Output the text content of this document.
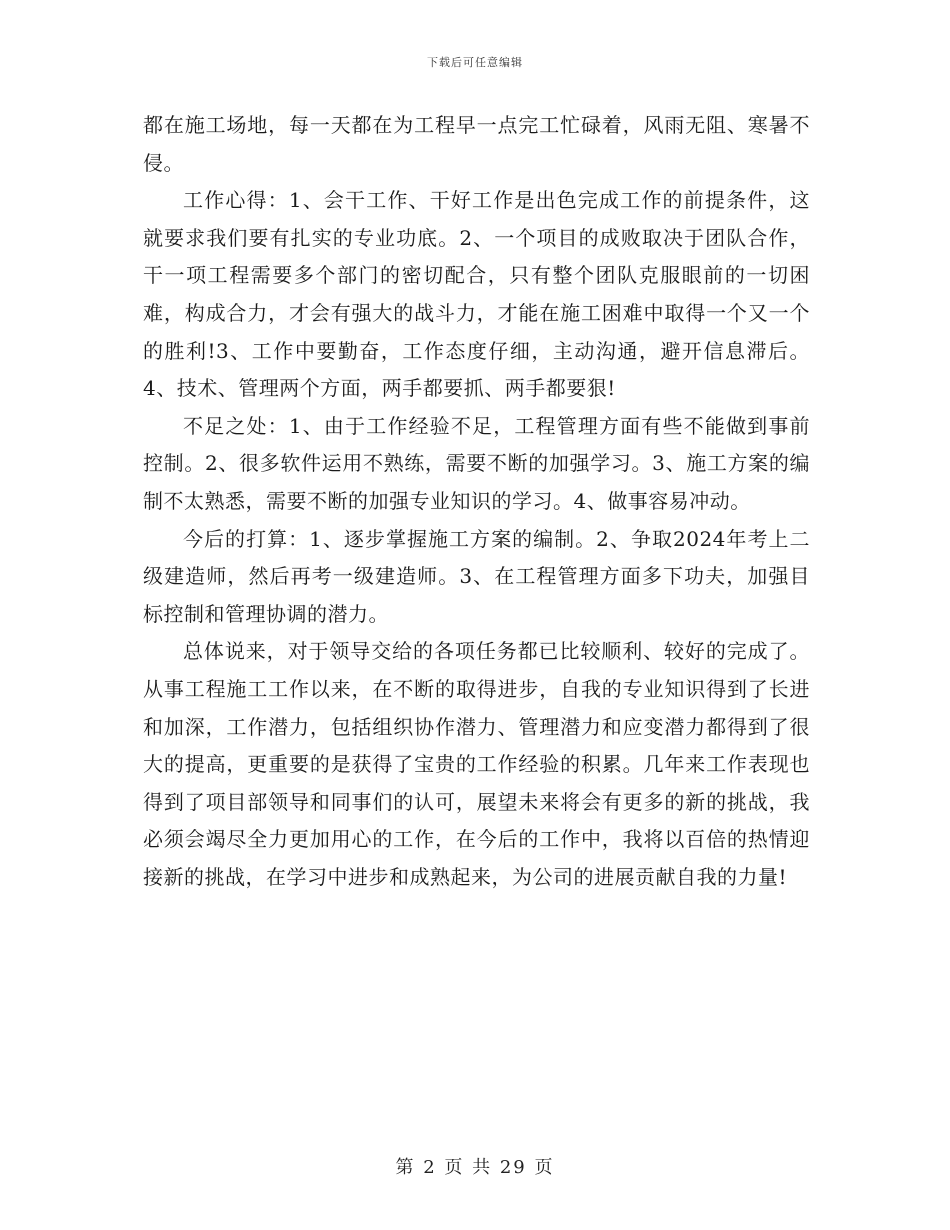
下载后可任意编辑

都在施工场地，每一天都在为工程早一点完工忙碌着，风雨无阻、寒暑不侵。

工作心得：1、会干工作、干好工作是出色完成工作的前提条件，这就要求我们要有扎实的专业功底。2、一个项目的成败取决于团队合作，干一项工程需要多个部门的密切配合，只有整个团队克服眼前的一切困难，构成合力，才会有强大的战斗力，才能在施工困难中取得一个又一个的胜利!3、工作中要勤奋，工作态度仔细，主动沟通，避开信息滞后。4、技术、管理两个方面，两手都要抓、两手都要狠!

不足之处：1、由于工作经验不足，工程管理方面有些不能做到事前控制。2、很多软件运用不熟练，需要不断的加强学习。3、施工方案的编制不太熟悉，需要不断的加强专业知识的学习。4、做事容易冲动。

今后的打算：1、逐步掌握施工方案的编制。2、争取2024年考上二级建造师，然后再考一级建造师。3、在工程管理方面多下功夫，加强目标控制和管理协调的潜力。

总体说来，对于领导交给的各项任务都已比较顺利、较好的完成了。从事工程施工工作以来，在不断的取得进步，自我的专业知识得到了长进和加深，工作潜力，包括组织协作潜力、管理潜力和应变潜力都得到了很大的提高，更重要的是获得了宝贵的工作经验的积累。几年来工作表现也得到了项目部领导和同事们的认可，展望未来将会有更多的新的挑战，我必须会竭尽全力更加用心的工作，在今后的工作中，我将以百倍的热情迎接新的挑战，在学习中进步和成熟起来，为公司的进展贡献自我的力量!

第 2 页 共 29 页
